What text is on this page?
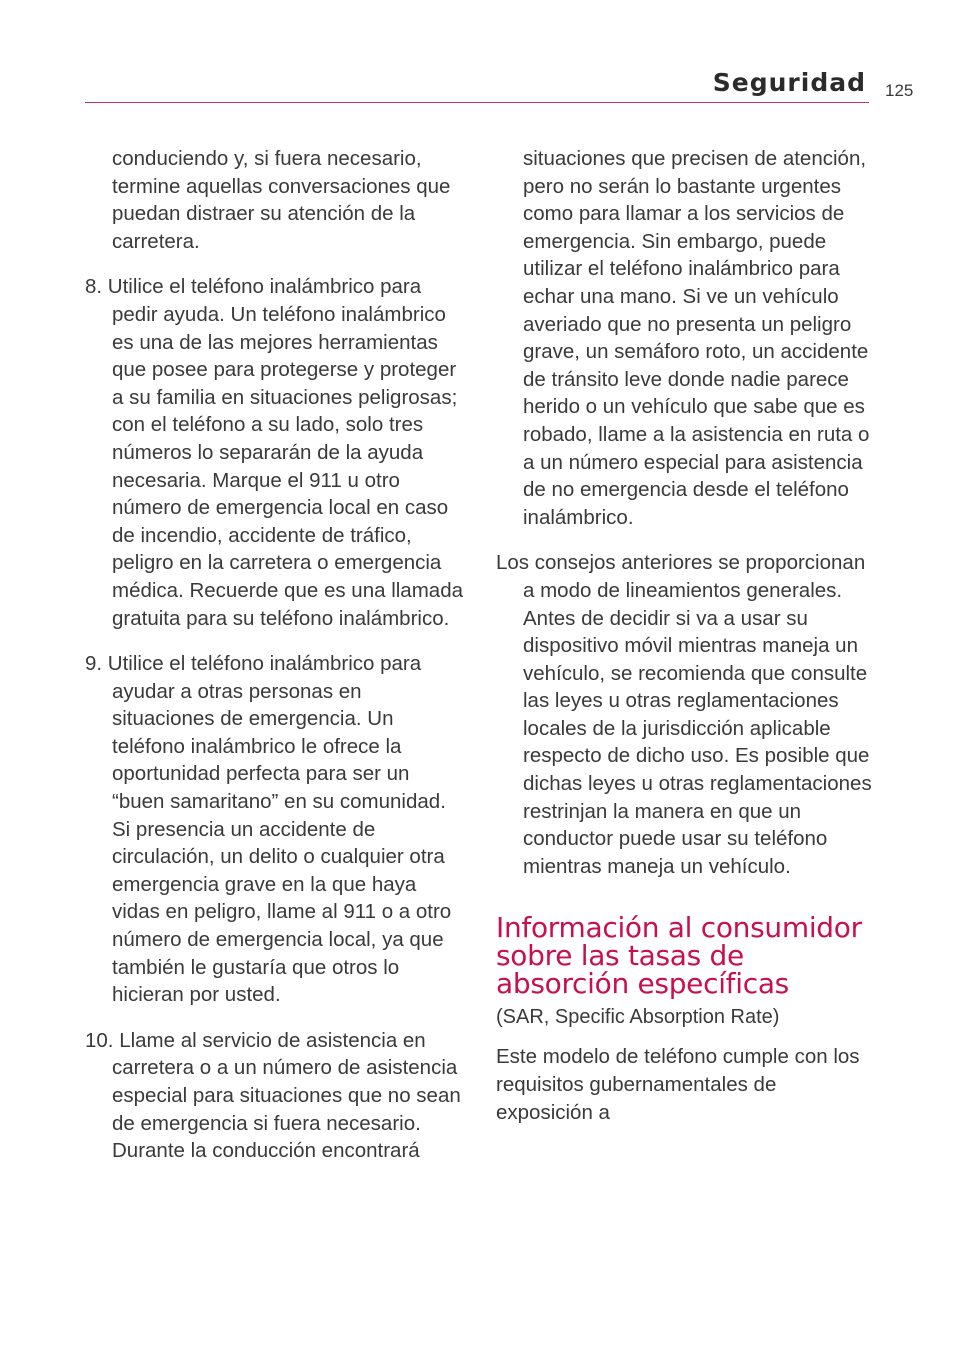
Seguridad 125

conduciendo y, si fuera necesario, termine aquellas conversaciones que puedan distraer su atención de la carretera.

8. Utilice el teléfono inalámbrico para pedir ayuda. Un teléfono inalámbrico es una de las mejores herramientas que posee para protegerse y proteger a su familia en situaciones peligrosas; con el teléfono a su lado, solo tres números lo separarán de la ayuda necesaria. Marque el 911 u otro número de emergencia local en caso de incendio, accidente de tráfico, peligro en la carretera o emergencia médica. Recuerde que es una llamada gratuita para su teléfono inalámbrico.

9. Utilice el teléfono inalámbrico para ayudar a otras personas en situaciones de emergencia. Un teléfono inalámbrico le ofrece la oportunidad perfecta para ser un “buen samaritano” en su comunidad. Si presencia un accidente de circulación, un delito o cualquier otra emergencia grave en la que haya vidas en peligro, llame al 911 o a otro número de emergencia local, ya que también le gustaría que otros lo hicieran por usted.

10. Llame al servicio de asistencia en carretera o a un número de asistencia especial para situaciones que no sean de emergencia si fuera necesario. Durante la conducción encontrará

situaciones que precisen de atención, pero no serán lo bastante urgentes como para llamar a los servicios de emergencia. Sin embargo, puede utilizar el teléfono inalámbrico para echar una mano. Si ve un vehículo averiado que no presenta un peligro grave, un semáforo roto, un accidente de tránsito leve donde nadie parece herido o un vehículo que sabe que es robado, llame a la asistencia en ruta o a un número especial para asistencia de no emergencia desde el teléfono inalámbrico.

Los consejos anteriores se proporcionan a modo de lineamientos generales. Antes de decidir si va a usar su dispositivo móvil mientras maneja un vehículo, se recomienda que consulte las leyes u otras reglamentaciones locales de la jurisdicción aplicable respecto de dicho uso. Es posible que dichas leyes u otras reglamentaciones restrinjan la manera en que un conductor puede usar su teléfono mientras maneja un vehículo.

Información al consumidor sobre las tasas de absorción específicas
(SAR, Specific Absorption Rate)

Este modelo de teléfono cumple con los requisitos gubernamentales de exposición a
